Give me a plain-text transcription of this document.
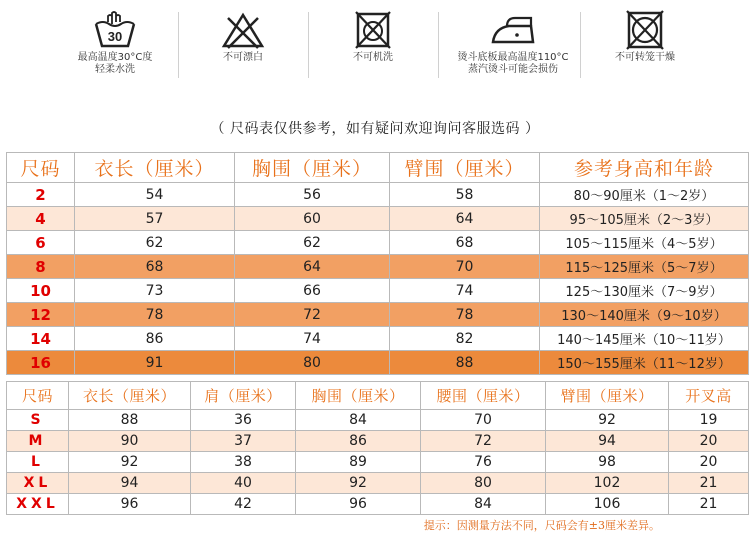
30
最高温度30°C度
轻柔水洗
不可漂白	不可机洗	烫斗底板最高温度110°C
蒸汽烫斗可能会损伤
不可转笼干燥
（ 尺码表仅供参考，如有疑问欢迎询问客服选码 ）
尺码	衣长（厘米）	胸围（厘米）	臂围（厘米）	参考身高和年龄
2	54	56	58	80～90厘米（1～2岁）
4	57	60	64	95～105厘米（2～3岁）
6	62	62	68	105～115厘米（4～5岁）
8	68	64	70	115～125厘米（5～7岁）
10	73	66	74	125～130厘米（7～9岁）
12	78	72	78	130～140厘米（9～10岁）
14	86	74	82	140～145厘米（10～11岁）
16	91	80	88	150～155厘米（11～12岁）
尺码	衣长（厘米）	肩（厘米）	胸围（厘米）	腰围（厘米）	臂围（厘米）	开叉高
S	88	36	84	70	92	19
M	90	37	86	72	94	20
L	92	38	89	76	98	20
XL	94	40	92	80	102	21
XXL	96	42	96	84	106	21
提示：因测量方法不同，尺码会有±3厘米差异。
